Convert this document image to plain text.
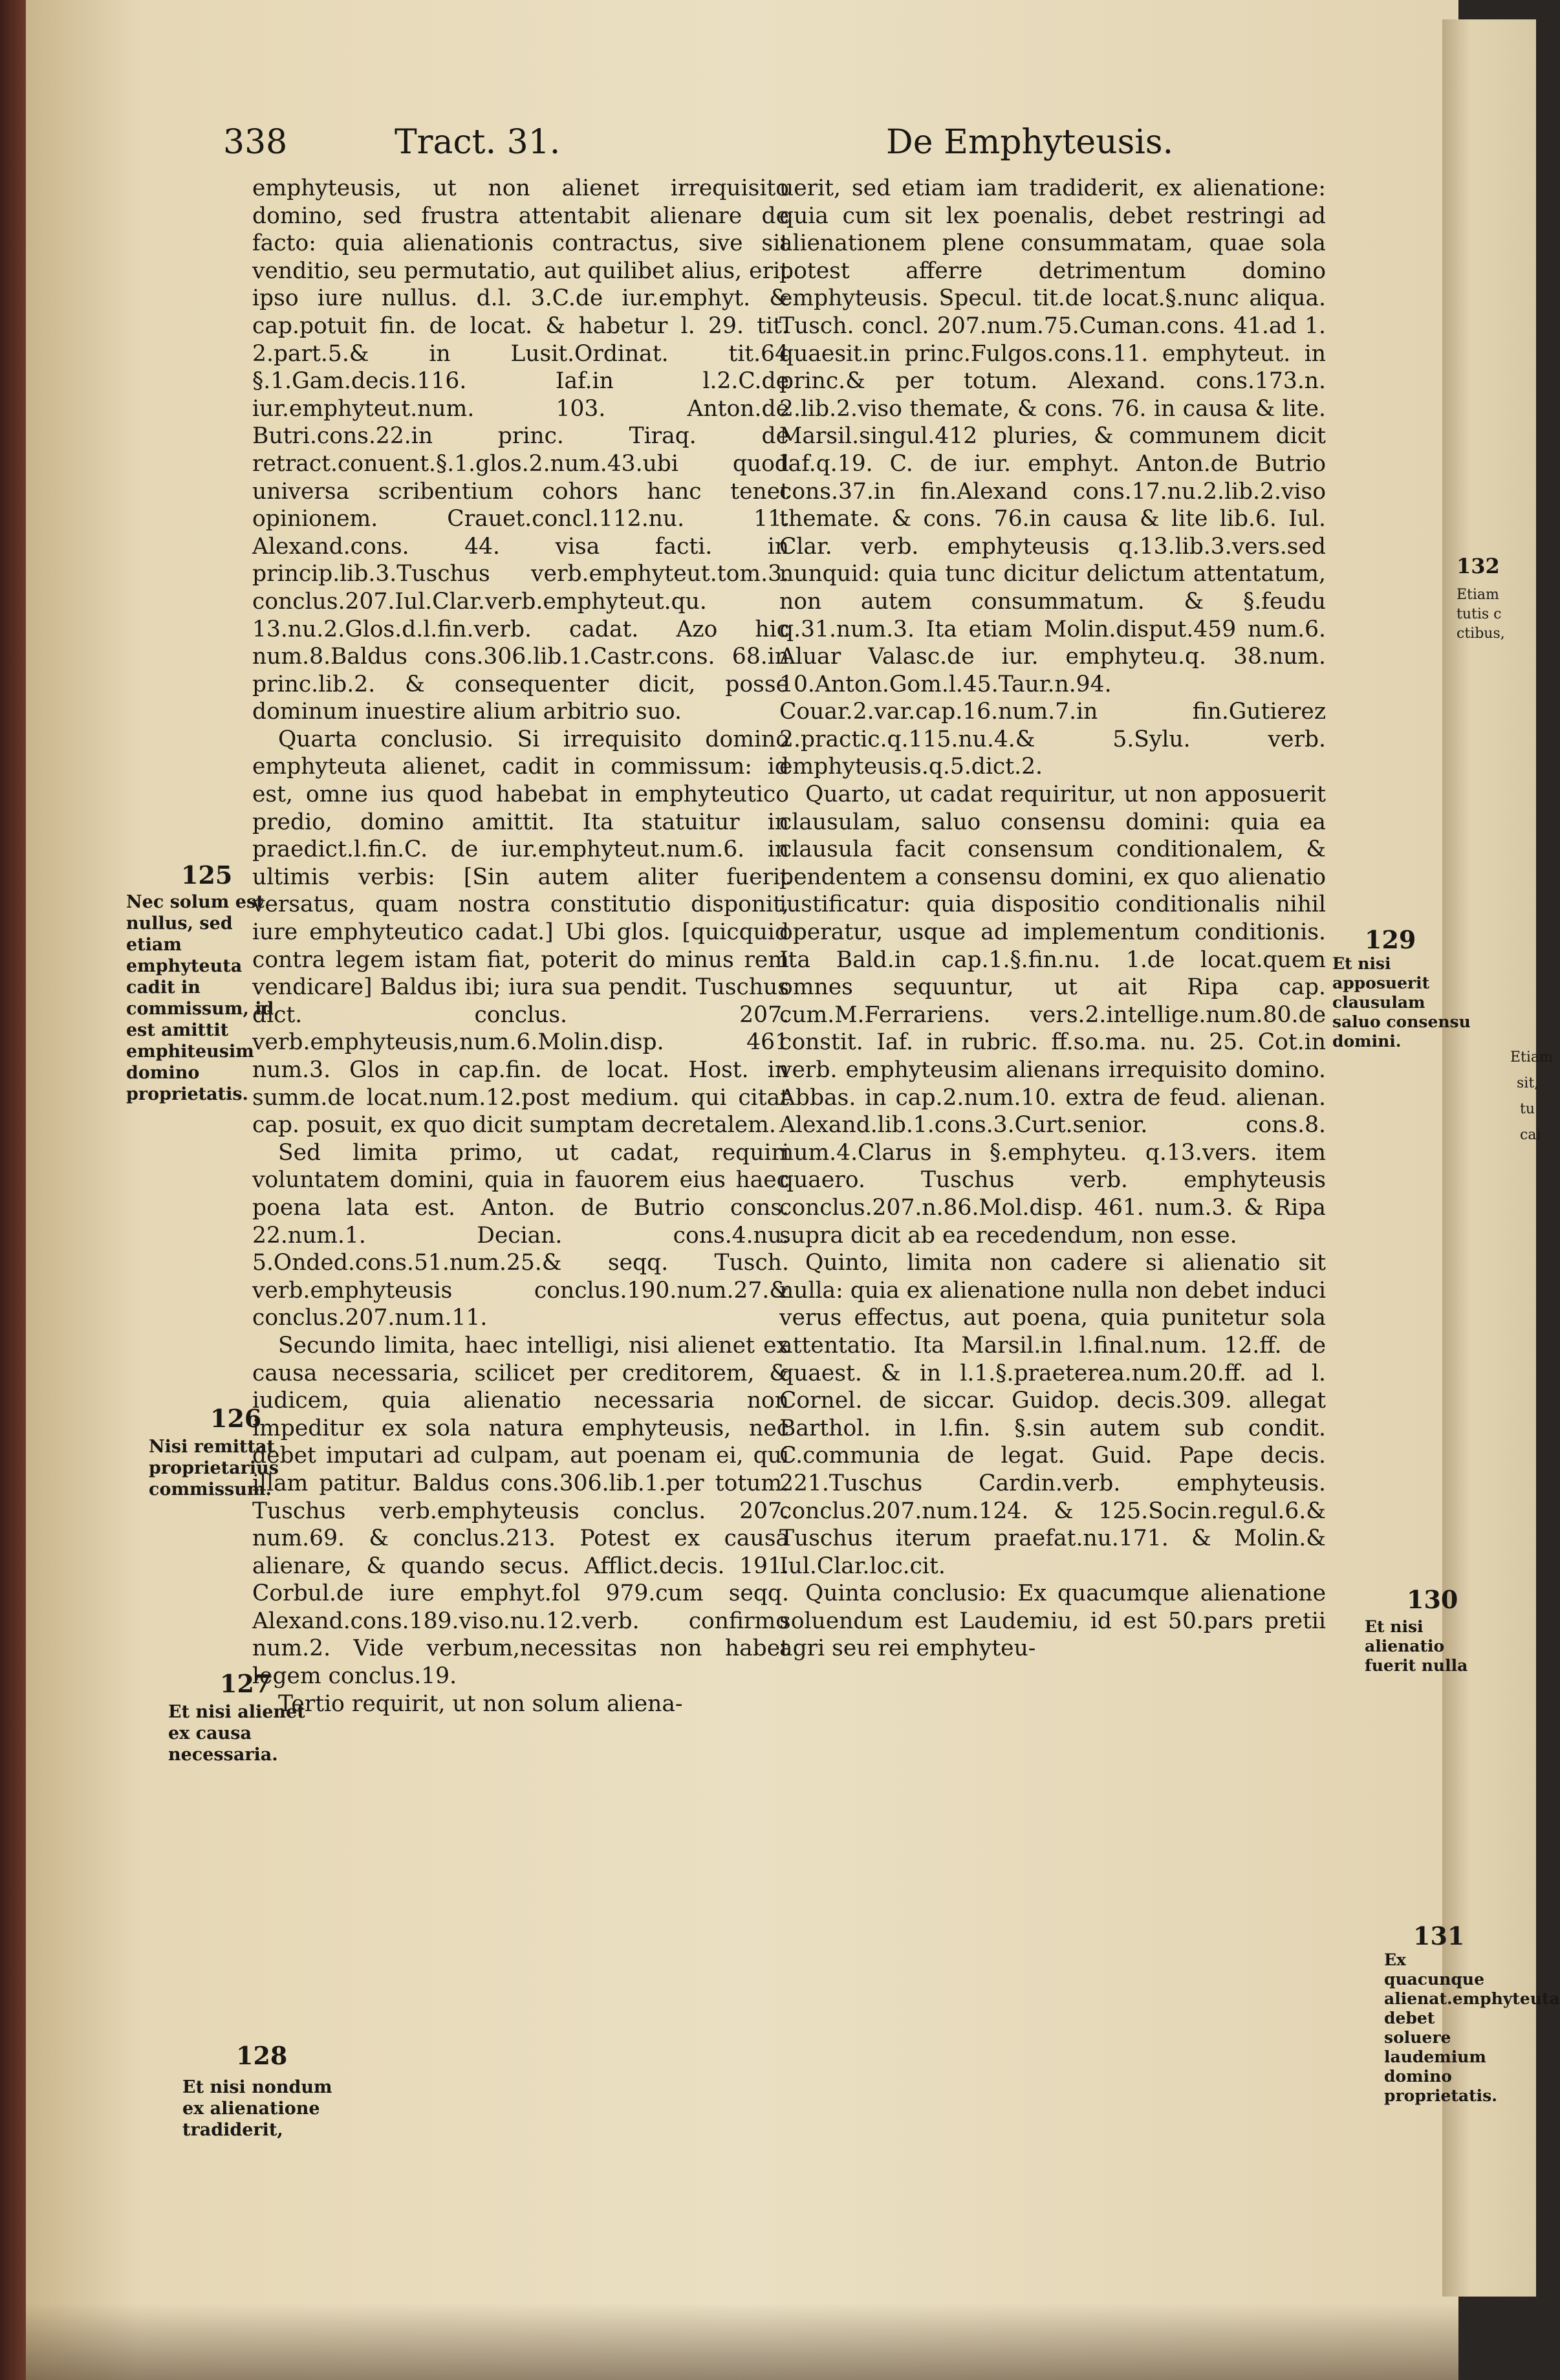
132
Etiam
tutis c
ctibus,
Etiam
sit,
tu
cai
338	Tract. 31.	De Emphyteusis.

emphyteusis, ut non alienet irrequisito domino, sed frustra attentabit alienare de facto: quia alienationis contractus, sive sit venditio, seu permutatio, aut quilibet alius, erit ipso iure nullus. d.l. 3.C.de iur.emphyt. & cap.potuit fin. de locat. & habetur l. 29. tit. 2.part.5.& in Lusit.Ordinat. tit.64 §.1.Gam.decis.116. Iaf.in l.2.C.de iur.emphyteut.num. 103. Anton.de Butri.cons.22.in princ. Tiraq. de retract.conuent.§.1.glos.2.num.43.ubi quod universa scribentium cohors hanc tenet opinionem. Crauet.concl.112.nu. 11. Alexand.cons. 44. visa facti. in princip.lib.3.Tuschus verb.emphyteut.tom.3. conclus.207.Iul.Clar.verb.emphyteut.qu. 13.nu.2.Glos.d.l.fin.verb. cadat. Azo hic num.8.Baldus cons.306.lib.1.Castr.cons. 68.in princ.lib.2. & consequenter dicit, posse dominum inuestire alium arbitrio suo.

Quarta conclusio. Si irrequisito domino emphyteuta alienet, cadit in commissum: id est, omne ius quod habebat in emphyteutico predio, domino amittit. Ita statuitur in praedict.l.fin.C. de iur.emphyteut.num.6. in ultimis verbis: [Sin autem aliter fuerit versatus, quam nostra constitutio disponit, iure emphyteutico cadat.] Ubi glos. [quicquid contra legem istam fiat, poterit do minus rem vendicare] Baldus ibi; iura sua pendit. Tuschus dict. conclus. 207. verb.emphyteusis,num.6.Molin.disp. 461 num.3. Glos in cap.fin. de locat. Host. in summ.de locat.num.12.post medium. qui citat cap. posuit, ex quo dicit sumptam decretalem.

Sed limita primo, ut cadat, requiri voluntatem domini, quia in fauorem eius haec poena lata est. Anton. de Butrio cons. 22.num.1. Decian. cons.4.nu. 5.Onded.cons.51.num.25.& seqq. Tusch. verb.emphyteusis conclus.190.num.27.& conclus.207.num.11.

Secundo limita, haec intelligi, nisi alienet ex causa necessaria, scilicet per creditorem, & iudicem, quia alienatio necessaria non impeditur ex sola natura emphyteusis, nec debet imputari ad culpam, aut poenam ei, qui illam patitur. Baldus cons.306.lib.1.per totum. Tuschus verb.emphyteusis conclus. 207. num.69. & conclus.213. Potest ex causa alienare, & quando secus. Afflict.decis. 191. Corbul.de iure emphyt.fol 979.cum seqq. Alexand.cons.189.viso.nu.12.verb. confirmo num.2. Vide verbum,necessitas non habet legem conclus.19.

Tertio requirit, ut non solum aliena-

uerit, sed etiam iam tradiderit, ex alienatione: quia cum sit lex poenalis, debet restringi ad alienationem plene consummatam, quae sola potest afferre detrimentum domino emphyteusis. Specul. tit.de locat.§.nunc aliqua. Tusch. concl. 207.num.75.Cuman.cons. 41.ad 1. quaesit.in princ.Fulgos.cons.11. emphyteut. in princ.& per totum. Alexand. cons.173.n. 2.lib.2.viso themate, & cons. 76. in causa & lite. Marsil.singul.412 pluries, & communem dicit Iaf.q.19. C. de iur. emphyt. Anton.de Butrio cons.37.in fin.Alexand cons.17.nu.2.lib.2.viso themate. & cons. 76.in causa & lite lib.6. Iul. Clar. verb. emphyteusis q.13.lib.3.vers.sed nunquid: quia tunc dicitur delictum attentatum, non autem consummatum. & §.feudu q.31.num.3. Ita etiam Molin.disput.459 num.6. Aluar Valasc.de iur. emphyteu.q. 38.num. 10.Anton.Gom.l.45.Taur.n.94. Couar.2.var.cap.16.num.7.in fin.Gutierez 2.practic.q.115.nu.4.& 5.Sylu. verb. emphyteusis.q.5.dict.2.

Quarto, ut cadat requiritur, ut non apposuerit clausulam, saluo consensu domini: quia ea clausula facit consensum conditionalem, & pendentem a consensu domini, ex quo alienatio iustificatur: quia dispositio conditionalis nihil operatur, usque ad implementum conditionis. Ita Bald.in cap.1.§.fin.nu. 1.de locat.quem omnes sequuntur, ut ait Ripa cap. cum.M.Ferrariens. vers.2.intellige.num.80.de constit. Iaf. in rubric. ff.so.ma. nu. 25. Cot.in verb. emphyteusim alienans irrequisito domino. Abbas. in cap.2.num.10. extra de feud. alienan. Alexand.lib.1.cons.3.Curt.senior. cons.8. num.4.Clarus in §.emphyteu. q.13.vers. item quaero. Tuschus verb. emphyteusis conclus.207.n.86.Mol.disp. 461. num.3. & Ripa supra dicit ab ea recedendum, non esse.

Quinto, limita non cadere si alienatio sit nulla: quia ex alienatione nulla non debet induci verus effectus, aut poena, quia punitetur sola attentatio. Ita Marsil.in l.final.num. 12.ff. de quaest. & in l.1.§.praeterea.num.20.ff. ad l. Cornel. de siccar. Guidop. decis.309. allegat Barthol. in l.fin. §.sin autem sub condit. C.communia de legat. Guid. Pape decis. 221.Tuschus Cardin.verb. emphyteusis. conclus.207.num.124. & 125.Socin.regul.6.& Tuschus iterum praefat.nu.171. & Molin.& Iul.Clar.loc.cit.

Quinta conclusio: Ex quacumque alienatione soluendum est Laudemiu, id est 50.pars pretii agri seu rei emphyteu-

125
Nec solum est nullus, sed etiam emphyteuta cadit in commissum, id est amittit emphiteusim domino proprietatis.
126
Nisi remittat proprietarius commissum.
127
Et nisi alienet ex causa necessaria.
128
Et nisi nondum ex alienatione tradiderit,
129
Et nisi apposuerit clausulam saluo consensu domini.
130
Et nisi alienatio fuerit nulla
131
Ex quacunque alienat.emphyteuta debet soluere laudemium domino proprietatis.
